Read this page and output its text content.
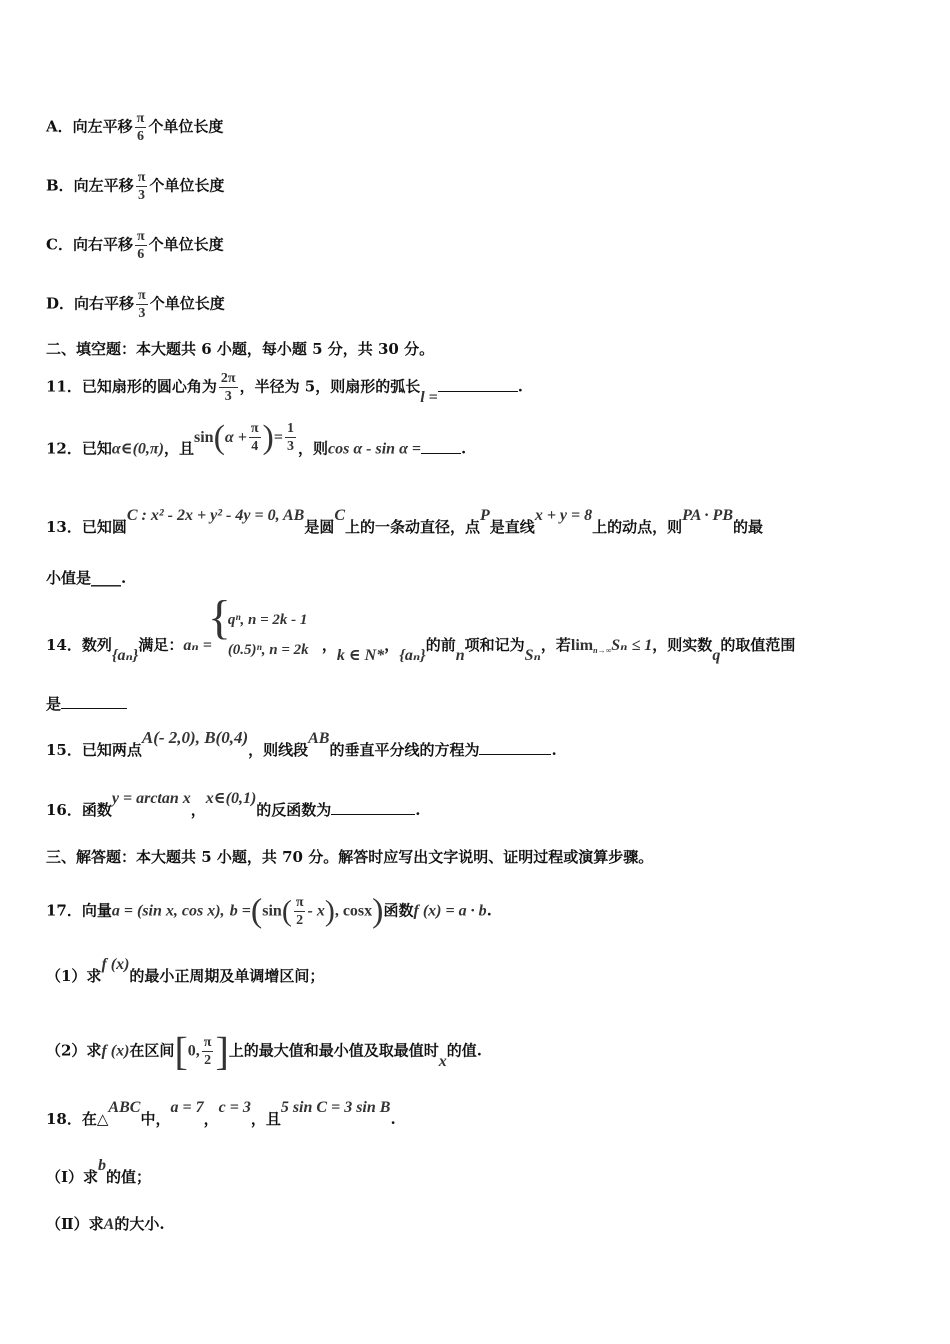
A．向左平移 $\frac{\pi}{6}$ 个单位长度
B．向左平移 $\frac{\pi}{3}$ 个单位长度
C．向右平移 $\frac{\pi}{6}$ 个单位长度
D．向右平移 $\frac{\pi}{3}$ 个单位长度
二、填空题：本大题共 6 小题，每小题 5 分，共 30 分。
11．已知扇形的圆心角为 $\frac{2\pi}{3}$ ，半径为 5，则扇形的弧长l =.
12．已知α∈(0,π)，且$\sin(\alpha + \frac{\pi}{4}$ )= $\frac{1}{3}$ ，则cos α - sin α =	.
13．已知圆C : x² - 2x + y² - 4y = 0, AB是圆C上的一条动直径，点P是直线x + y = 8上的动点，则PA · PB的最
小值是____.
14．数列{aₙ}满足：aₙ =
{
qⁿ, n = 2k - 1
(0.5)ⁿ, n = 2k ，k ∈ N*，{aₙ}的前n项和记为Sₙ，若$\lim_{n\to\infty}S_n \le 1$，则实数q的取值范围
是
15．已知两点A(- 2,0), B(0,4)，则线段AB的垂直平分线的方程为	.
16．函数y = arctan x，x∈(0,1)的反函数为	.
三、解答题：本大题共 5 小题，共 70 分。解答时应写出文字说明、证明过程或演算步骤。
17．向量a = (sin x, cos x), $b =(\sin( \frac{\pi}{2} - x)$, cosx)函数f (x) = a · b.
（1）求f (x)的最小正周期及单调增区间；
（2）求f (x)在区间[0, $\frac{\pi}{2}$ ]上的最大值和最小值及取最值时x的值.
18．在△ABC中，a = 7，c = 3，且5 sin C = 3 sin B.
（Ⅰ）求b的值；
（Ⅱ）求A的大小.
